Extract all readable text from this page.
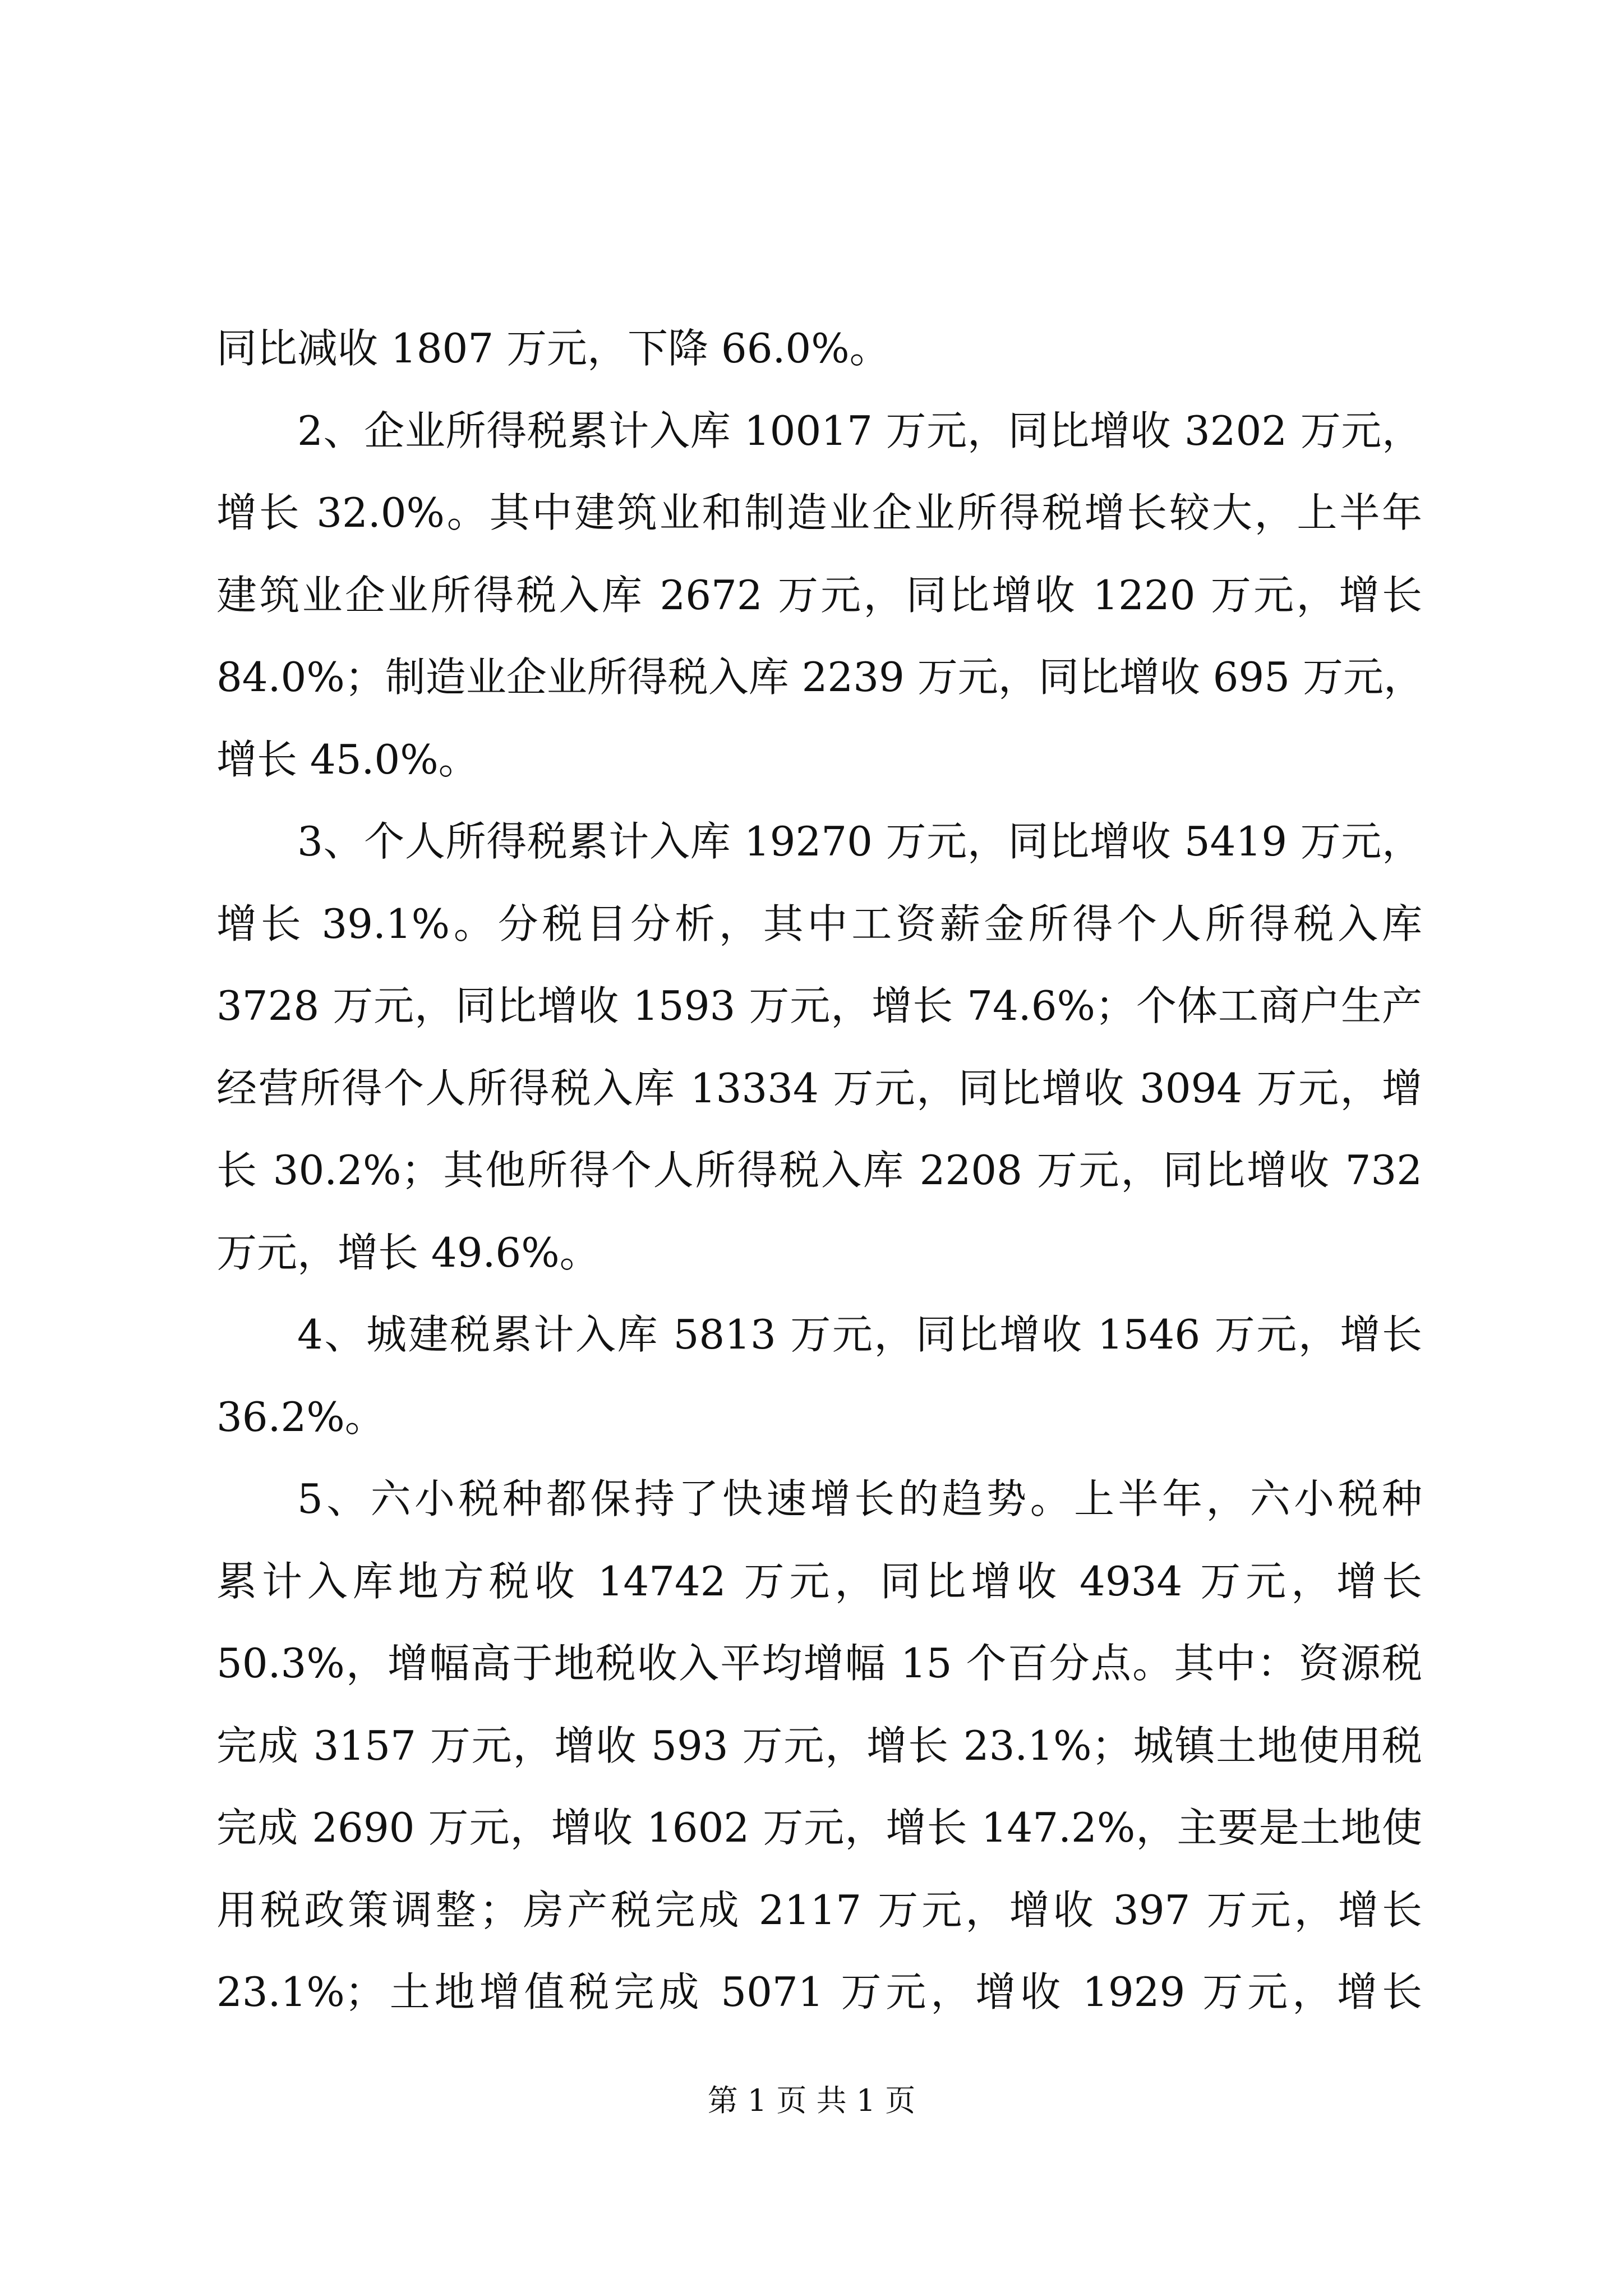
同比减收 1807 万元，下降 66.0%。
2、企业所得税累计入库 10017 万元，同比增收 3202 万元，
增长 32.0%。其中建筑业和制造业企业所得税增长较大，上半年
建筑业企业所得税入库 2672 万元，同比增收 1220 万元，增长
84.0%；制造业企业所得税入库 2239 万元，同比增收 695 万元，
增长 45.0%。
3、个人所得税累计入库 19270 万元，同比增收 5419 万元，
增长 39.1%。分税目分析，其中工资薪金所得个人所得税入库
3728 万元，同比增收 1593 万元，增长 74.6%；个体工商户生产
经营所得个人所得税入库 13334 万元，同比增收 3094 万元，增
长 30.2%；其他所得个人所得税入库 2208 万元，同比增收 732
万元，增长 49.6%。
4、城建税累计入库 5813 万元，同比增收 1546 万元，增长
36.2%。
5、六小税种都保持了快速增长的趋势。上半年，六小税种
累计入库地方税收 14742 万元，同比增收 4934 万元，增长
50.3%，增幅高于地税收入平均增幅 15 个百分点。其中：资源税
完成 3157 万元，增收 593 万元，增长 23.1%；城镇土地使用税
完成 2690 万元，增收 1602 万元，增长 147.2%，主要是土地使
用税政策调整；房产税完成 2117 万元，增收 397 万元，增长
23.1%；土地增值税完成 5071 万元，增收 1929 万元，增长
第 1 页 共 1 页
